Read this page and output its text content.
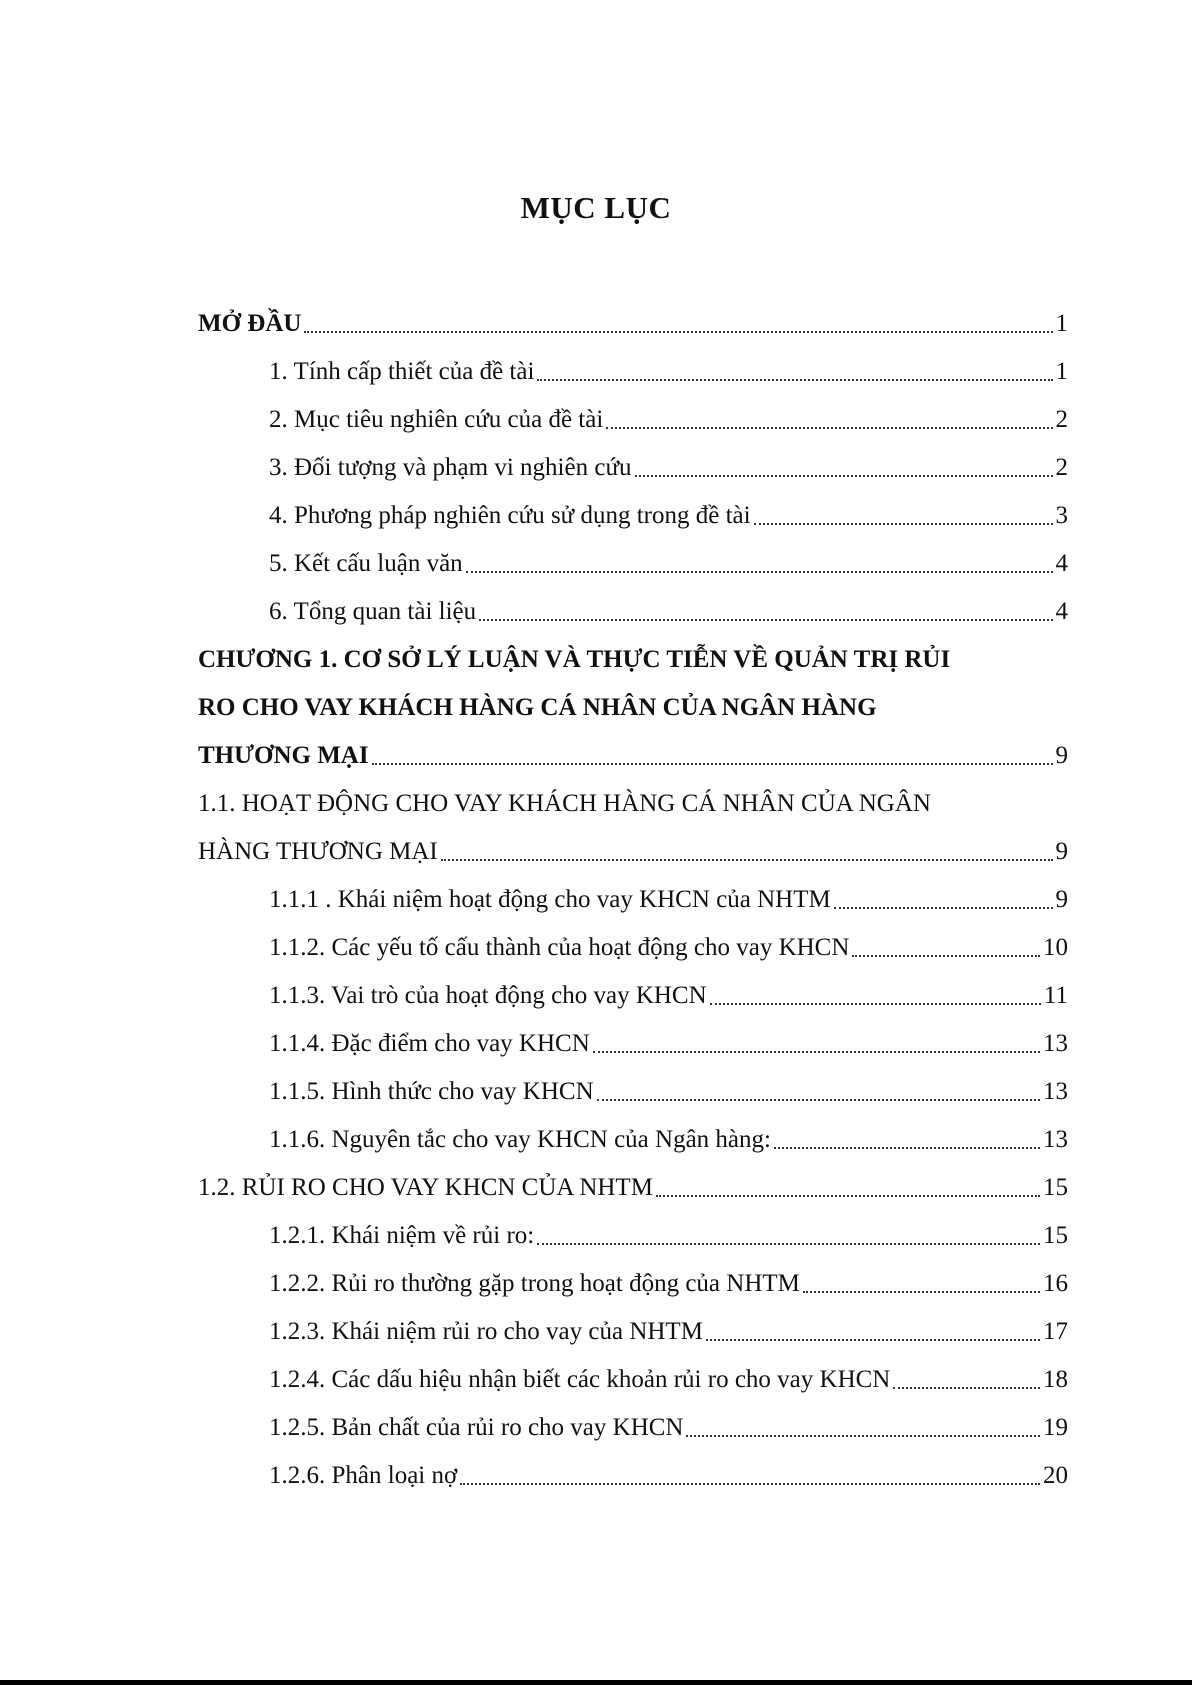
MỤC LỤC
MỞ ĐẦU	1
1. Tính cấp thiết của đề tài	1
2. Mục tiêu nghiên cứu của đề tài	2
3. Đối tượng và phạm vi nghiên cứu	2
4. Phương pháp nghiên cứu sử dụng trong đề tài	3
5. Kết cấu luận văn	4
6. Tổng quan tài liệu	4
CHƯƠNG 1. CƠ SỞ LÝ LUẬN VÀ THỰC TIỄN VỀ QUẢN TRỊ RỦI
RO CHO VAY KHÁCH HÀNG CÁ NHÂN CỦA NGÂN HÀNG
THƯƠNG MẠI	9
1.1. HOẠT ĐỘNG CHO VAY KHÁCH HÀNG CÁ NHÂN CỦA NGÂN
HÀNG THƯƠNG MẠI	9
1.1.1 . Khái niệm hoạt động cho vay KHCN của NHTM	9
1.1.2. Các yếu tố cấu thành của hoạt động cho vay KHCN	10
1.1.3. Vai trò của hoạt động cho vay KHCN	11
1.1.4. Đặc điểm cho vay KHCN	13
1.1.5. Hình thức cho vay KHCN	13
1.1.6. Nguyên tắc cho vay KHCN của Ngân hàng:	13
1.2. RỦI RO CHO VAY KHCN CỦA NHTM	15
1.2.1. Khái niệm về rủi ro:	15
1.2.2. Rủi ro thường gặp trong hoạt động của NHTM	16
1.2.3. Khái niệm rủi ro cho vay của NHTM	17
1.2.4. Các dấu hiệu nhận biết các khoản rủi ro cho vay KHCN	18
1.2.5. Bản chất của rủi ro cho vay KHCN	19
1.2.6. Phân loại nợ	20
